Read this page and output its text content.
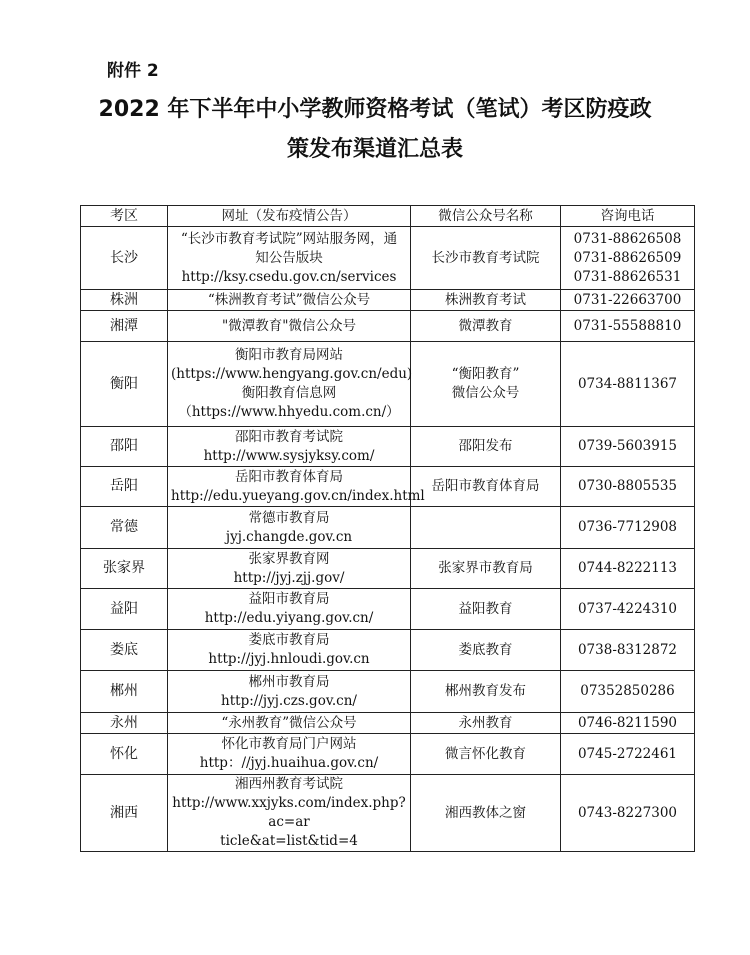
附件 2
2022 年下半年中小学教师资格考试（笔试）考区防疫政
策发布渠道汇总表
考区	网址（发布疫情公告）	微信公众号名称	咨询电话
长沙	“长沙市教育考试院”网站服务网，通
知公告版块
http://ksy.csedu.gov.cn/services	长沙市教育考试院	0731-88626508
0731-88626509
0731-88626531

株洲	“株洲教育考试”微信公众号	株洲教育考试	0731-22663700

湘潭	"微潭教育"微信公众号	微潭教育	0731-55588810

衡阳	衡阳市教育局网站
(https://www.hengyang.gov.cn/edu)
衡阳教育信息网
（https://www.hhyedu.com.cn/）	“衡阳教育”
微信公众号	0734-8811367

邵阳	邵阳市教育考试院
http://www.sysjyksy.com/	邵阳发布	0739-5603915

岳阳	岳阳市教育体育局
http://edu.yueyang.gov.cn/index.html	岳阳市教育体育局	0730-8805535

常德	常德市教育局
jyj.changde.gov.cn		0736-7712908

张家界	张家界教育网
http://jyj.zjj.gov/	张家界市教育局	0744-8222113

益阳	益阳市教育局
http://edu.yiyang.gov.cn/	益阳教育	0737-4224310

娄底	娄底市教育局
http://jyj.hnloudi.gov.cn	娄底教育	0738-8312872

郴州	郴州市教育局
http://jyj.czs.gov.cn/	郴州教育发布	07352850286

永州	“永州教育”微信公众号	永州教育	0746-8211590

怀化	怀化市教育局门户网站
http：//jyj.huaihua.gov.cn/	微言怀化教育	0745-2722461

湘西	湘西州教育考试院
http://www.xxjyks.com/index.php?ac=ar
ticle&at=list&tid=4	湘西教体之窗	0743-8227300
